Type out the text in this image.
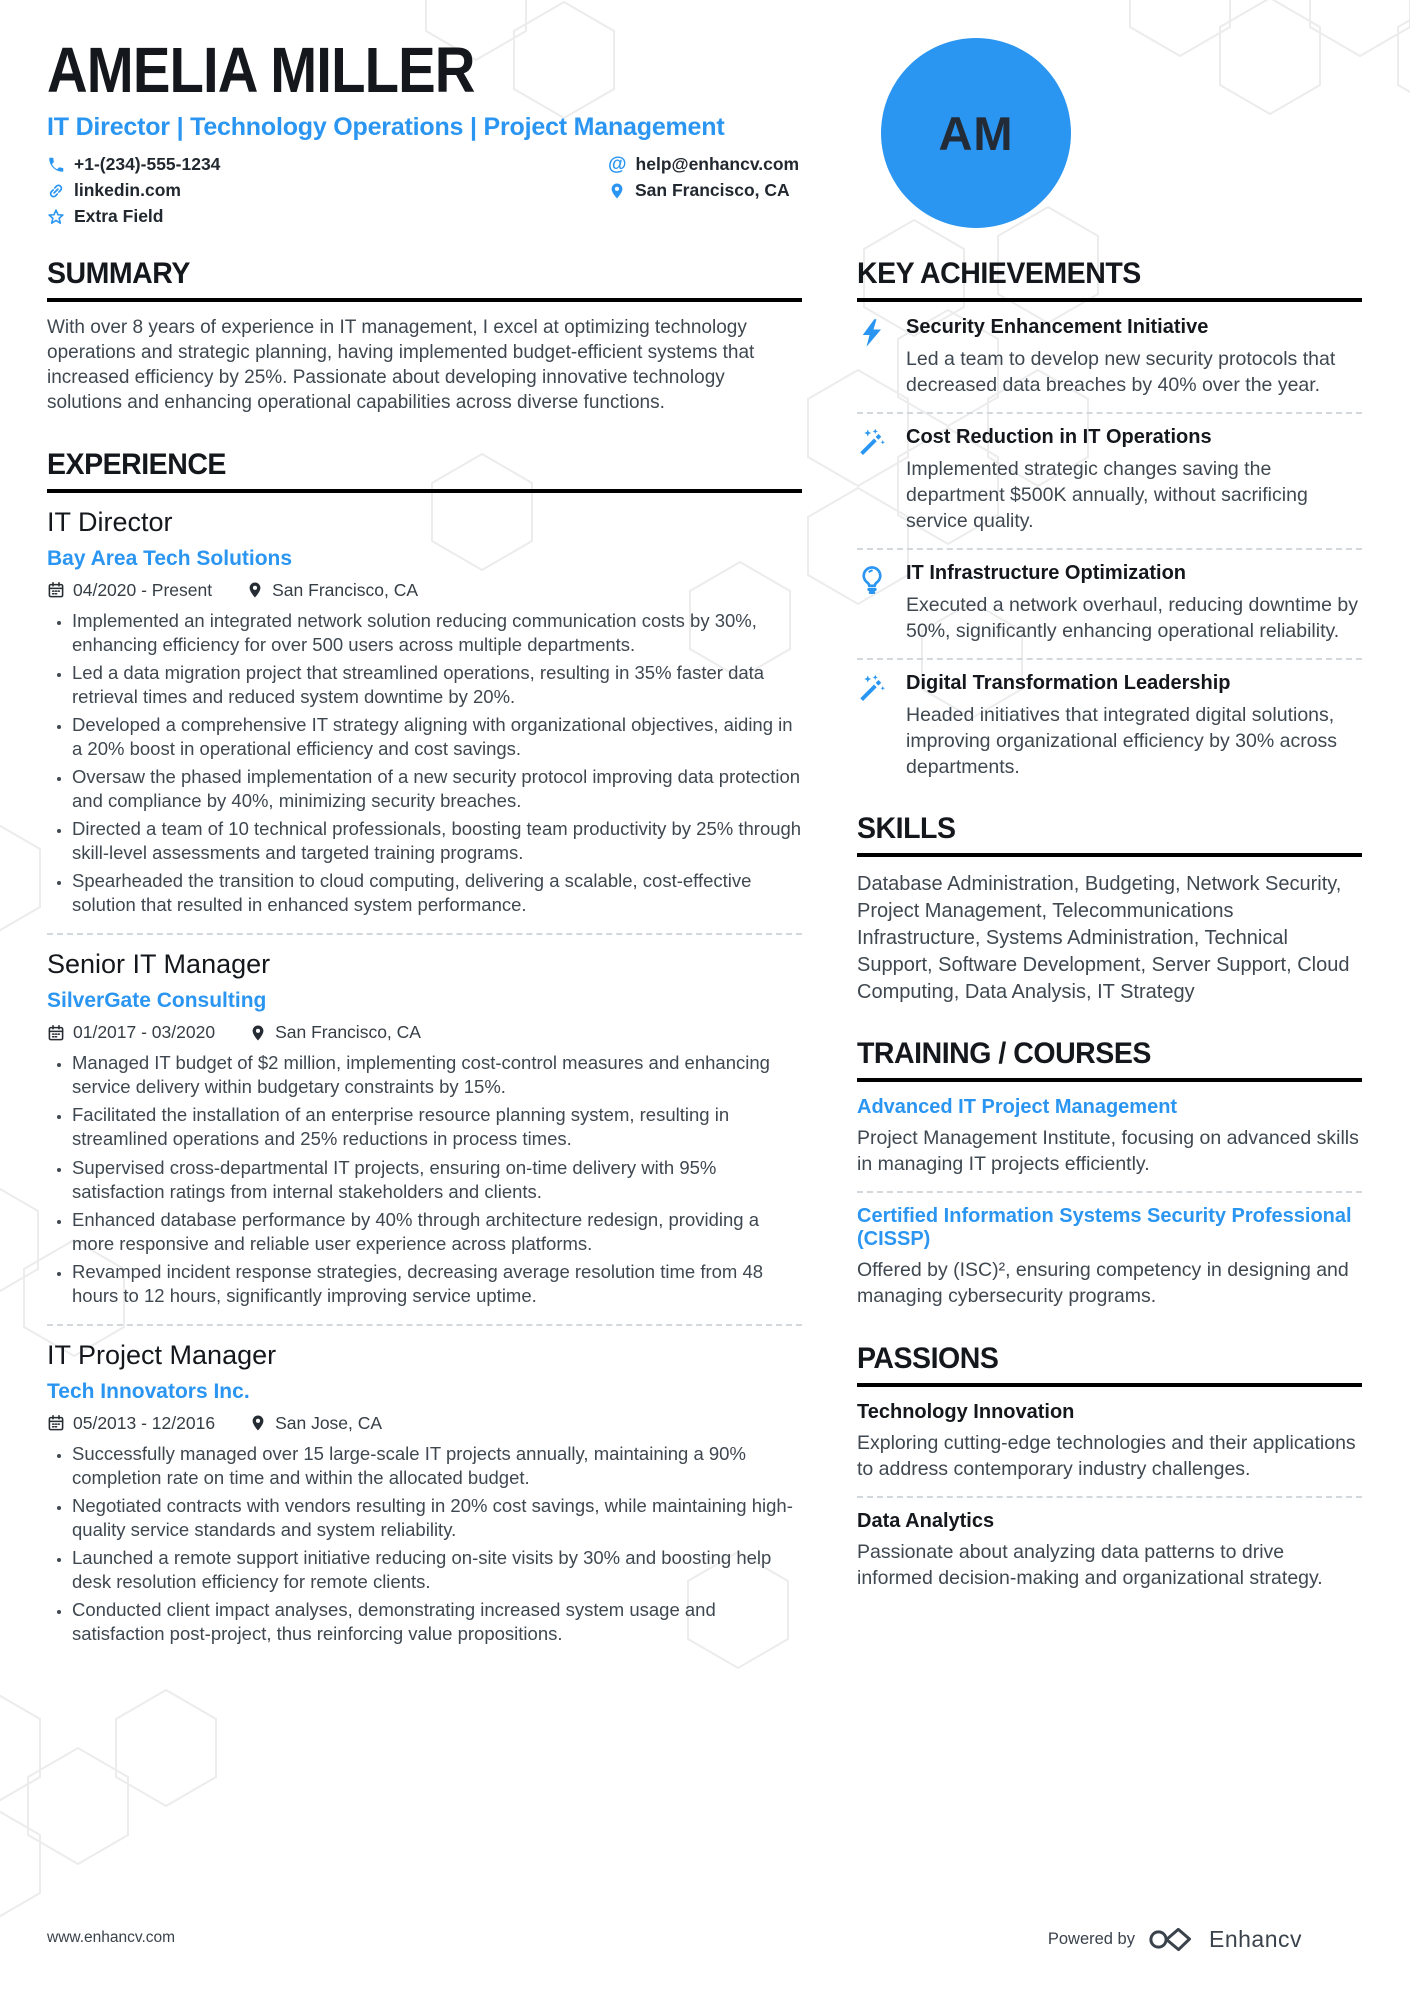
AMELIA MILLER
IT Director | Technology Operations | Project Management
+1-(234)-555-1234	@ help@enhancv.com
linkedin.com	San Francisco, CA
Extra Field
SUMMARY

With over 8 years of experience in IT management, I excel at optimizing technology operations and strategic planning, having implemented budget-efficient systems that increased efficiency by 25%. Passionate about developing innovative technology solutions and enhancing operational capabilities across diverse functions.

EXPERIENCE
IT Director
Bay Area Tech Solutions
04/2020 - Present	San Francisco, CA
• Implemented an integrated network solution reducing communication costs by 30%, enhancing efficiency for over 500 users across multiple departments.
• Led a data migration project that streamlined operations, resulting in 35% faster data retrieval times and reduced system downtime by 20%.
• Developed a comprehensive IT strategy aligning with organizational objectives, aiding in a 20% boost in operational efficiency and cost savings.
• Oversaw the phased implementation of a new security protocol improving data protection and compliance by 40%, minimizing security breaches.
• Directed a team of 10 technical professionals, boosting team productivity by 25% through skill-level assessments and targeted training programs.
• Spearheaded the transition to cloud computing, delivering a scalable, cost-effective solution that resulted in enhanced system performance.
Senior IT Manager
SilverGate Consulting
01/2017 - 03/2020	San Francisco, CA
• Managed IT budget of $2 million, implementing cost-control measures and enhancing service delivery within budgetary constraints by 15%.
• Facilitated the installation of an enterprise resource planning system, resulting in streamlined operations and 25% reductions in process times.
• Supervised cross-departmental IT projects, ensuring on-time delivery with 95% satisfaction ratings from internal stakeholders and clients.
• Enhanced database performance by 40% through architecture redesign, providing a more responsive and reliable user experience across platforms.
• Revamped incident response strategies, decreasing average resolution time from 48 hours to 12 hours, significantly improving service uptime.
IT Project Manager
Tech Innovators Inc.
05/2013 - 12/2016	San Jose, CA
• Successfully managed over 15 large-scale IT projects annually, maintaining a 90% completion rate on time and within the allocated budget.
• Negotiated contracts with vendors resulting in 20% cost savings, while maintaining high-quality service standards and system reliability.
• Launched a remote support initiative reducing on-site visits by 30% and boosting help desk resolution efficiency for remote clients.
• Conducted client impact analyses, demonstrating increased system usage and satisfaction post-project, thus reinforcing value propositions.
KEY ACHIEVEMENTS
Security Enhancement Initiative
Led a team to develop new security protocols that decreased data breaches by 40% over the year.
Cost Reduction in IT Operations
Implemented strategic changes saving the department $500K annually, without sacrificing service quality.
IT Infrastructure Optimization
Executed a network overhaul, reducing downtime by 50%, significantly enhancing operational reliability.
Digital Transformation Leadership
Headed initiatives that integrated digital solutions, improving organizational efficiency by 30% across departments.
SKILLS

Database Administration, Budgeting, Network Security, Project Management, Telecommunications Infrastructure, Systems Administration, Technical Support, Software Development, Server Support, Cloud Computing, Data Analysis, IT Strategy

TRAINING / COURSES
Advanced IT Project Management
Project Management Institute, focusing on advanced skills in managing IT projects efficiently.
Certified Information Systems Security Professional (CISSP)
Offered by (ISC)², ensuring competency in designing and managing cybersecurity programs.
PASSIONS
Technology Innovation
Exploring cutting-edge technologies and their applications to address contemporary industry challenges.
Data Analytics
Passionate about analyzing data patterns to drive informed decision-making and organizational strategy.
AM
www.enhancv.com	Powered by	Enhancv
